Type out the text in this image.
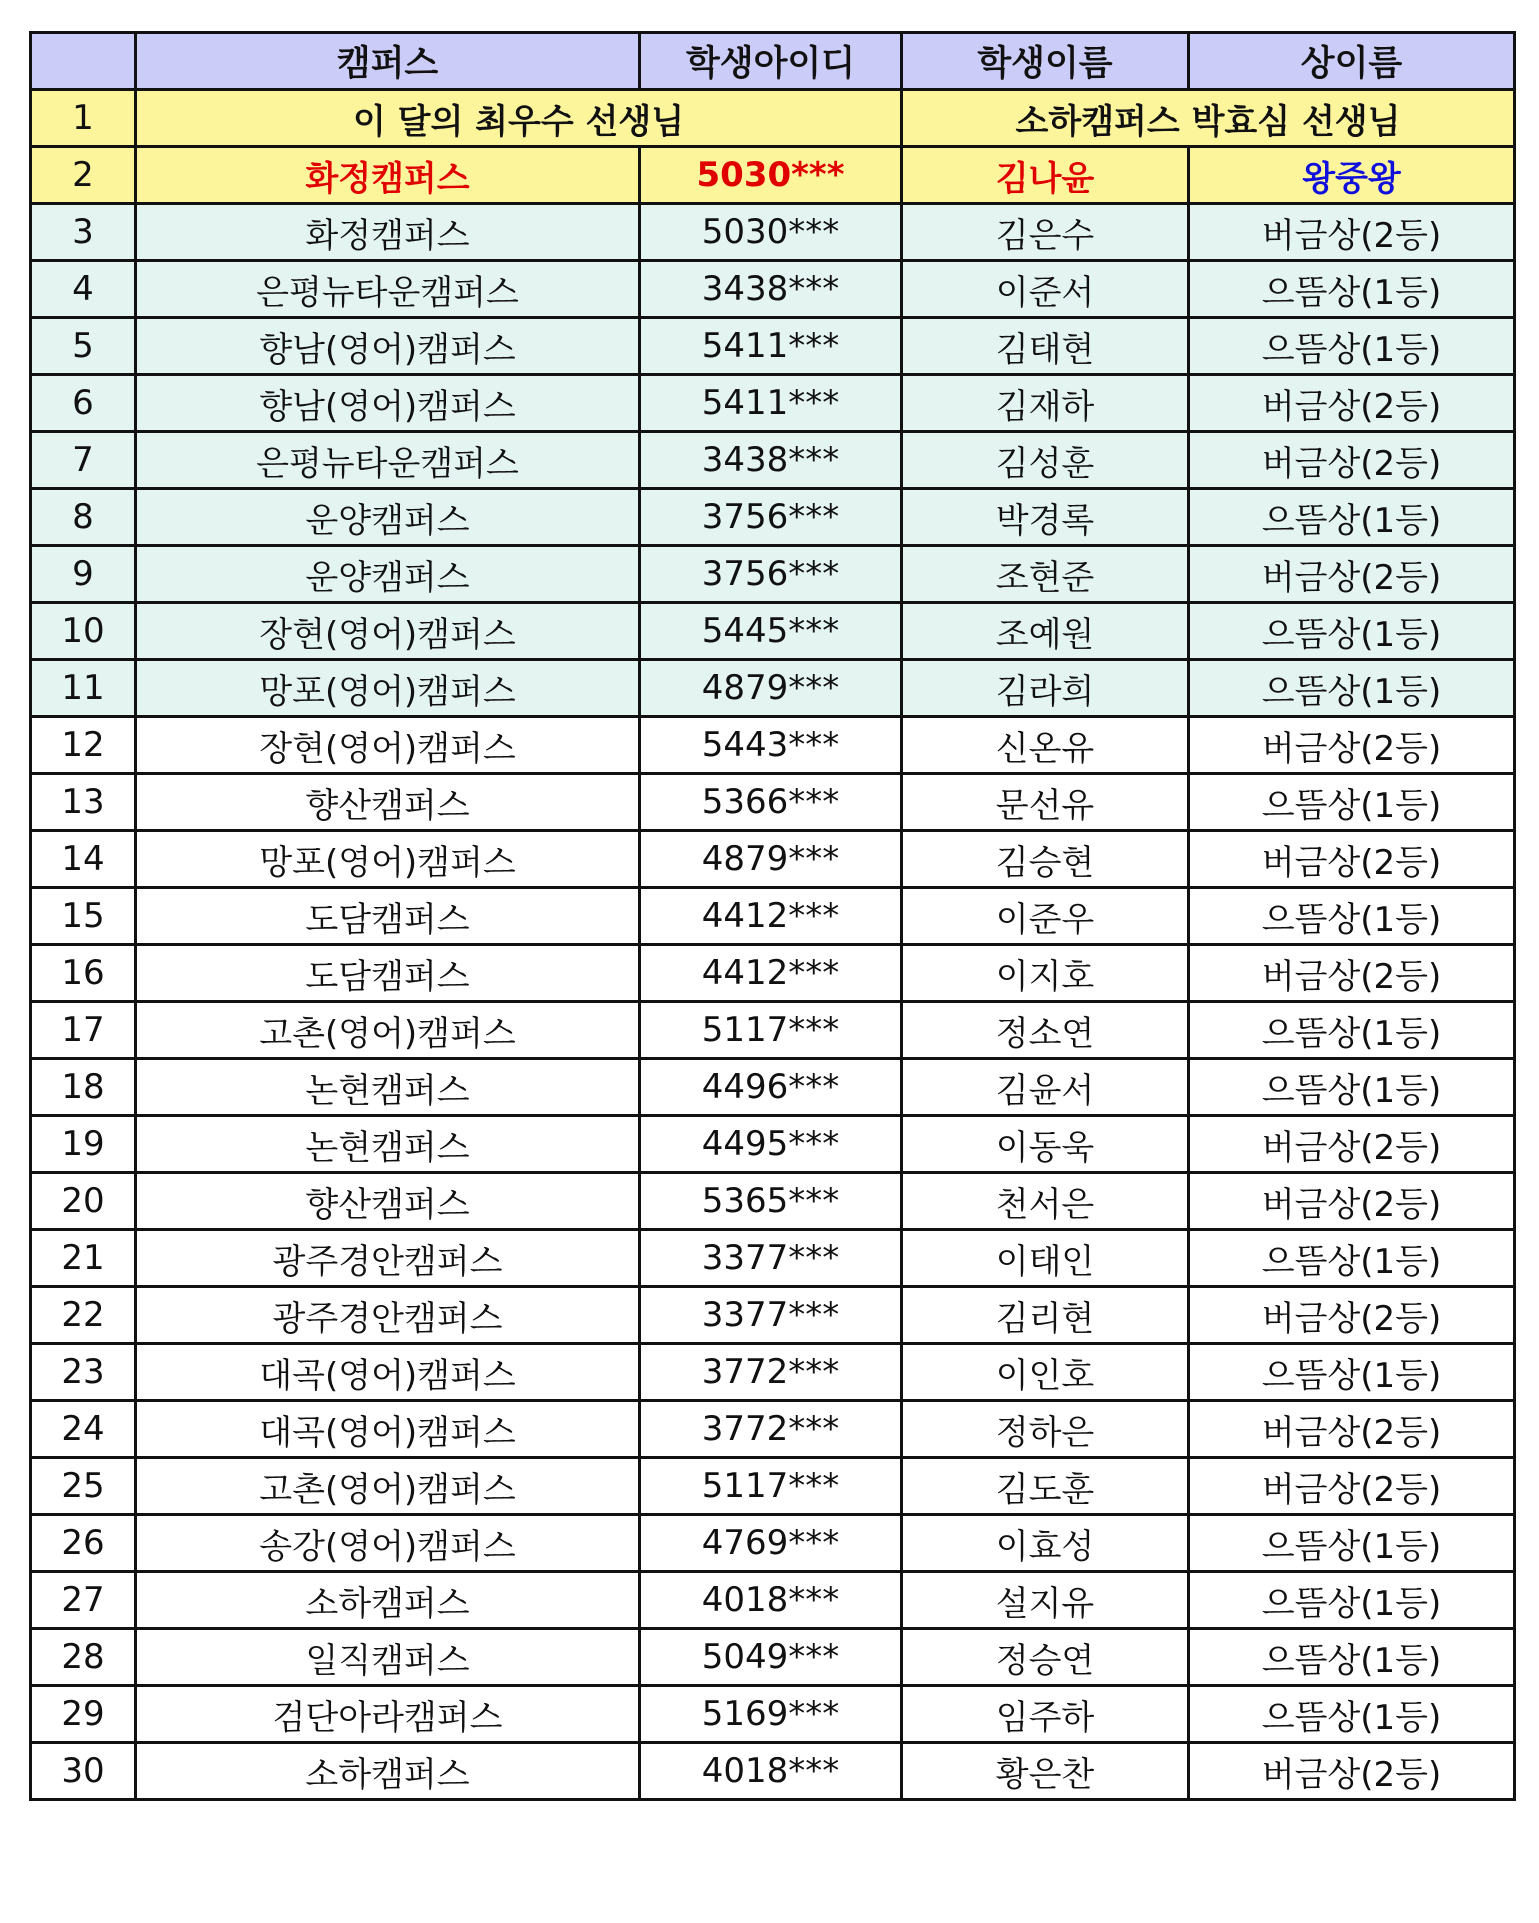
	캠퍼스	학생아이디	학생이름	상이름
1	이 달의 최우수 선생님		소하캠퍼스 박효심 선생님	
2	화정캠퍼스	5030***	김나윤	왕중왕
3	화정캠퍼스	5030***	김은수	버금상(2등)
4	은평뉴타운캠퍼스	3438***	이준서	으뜸상(1등)
5	향남(영어)캠퍼스	5411***	김태현	으뜸상(1등)
6	향남(영어)캠퍼스	5411***	김재하	버금상(2등)
7	은평뉴타운캠퍼스	3438***	김성훈	버금상(2등)
8	운양캠퍼스	3756***	박경록	으뜸상(1등)
9	운양캠퍼스	3756***	조현준	버금상(2등)
10	장현(영어)캠퍼스	5445***	조예원	으뜸상(1등)
11	망포(영어)캠퍼스	4879***	김라희	으뜸상(1등)
12	장현(영어)캠퍼스	5443***	신온유	버금상(2등)
13	향산캠퍼스	5366***	문선유	으뜸상(1등)
14	망포(영어)캠퍼스	4879***	김승현	버금상(2등)
15	도담캠퍼스	4412***	이준우	으뜸상(1등)
16	도담캠퍼스	4412***	이지호	버금상(2등)
17	고촌(영어)캠퍼스	5117***	정소연	으뜸상(1등)
18	논현캠퍼스	4496***	김윤서	으뜸상(1등)
19	논현캠퍼스	4495***	이동욱	버금상(2등)
20	향산캠퍼스	5365***	천서은	버금상(2등)
21	광주경안캠퍼스	3377***	이태인	으뜸상(1등)
22	광주경안캠퍼스	3377***	김리현	버금상(2등)
23	대곡(영어)캠퍼스	3772***	이인호	으뜸상(1등)
24	대곡(영어)캠퍼스	3772***	정하은	버금상(2등)
25	고촌(영어)캠퍼스	5117***	김도훈	버금상(2등)
26	송강(영어)캠퍼스	4769***	이효성	으뜸상(1등)
27	소하캠퍼스	4018***	설지유	으뜸상(1등)
28	일직캠퍼스	5049***	정승연	으뜸상(1등)
29	검단아라캠퍼스	5169***	임주하	으뜸상(1등)
30	소하캠퍼스	4018***	황은찬	버금상(2등)
